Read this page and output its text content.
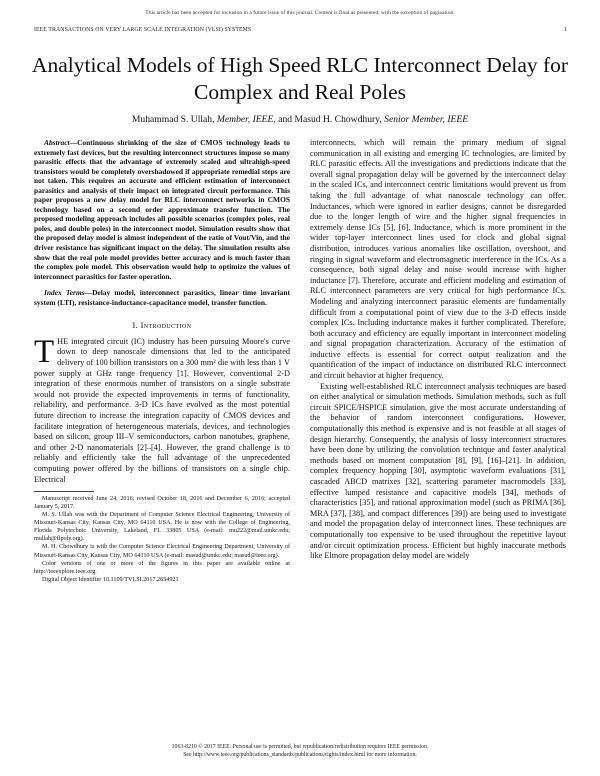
This article has been accepted for inclusion in a future issue of this journal. Content is final as presented, with the exception of pagination.
IEEE TRANSACTIONS ON VERY LARGE SCALE INTEGRATION (VLSI) SYSTEMS	1
Analytical Models of High Speed RLC Interconnect Delay for Complex and Real Poles
Muhammad S. Ullah, Member, IEEE, and Masud H. Chowdhury, Senior Member, IEEE

Abstract—Continuous shrinking of the size of CMOS technology leads to extremely fast devices, but the resulting interconnect structures impose so many parasitic effects that the advantage of extremely scaled and ultrahigh-speed transistors would be completely overshadowed if appropriate remedial steps are not taken. This requires an accurate and efficient estimation of interconnect parasitics and analysis of their impact on integrated circuit performance. This paper proposes a new delay model for RLC interconnect networks in CMOS technology based on a second order approximate transfer function. The proposed modeling approach includes all possible scenarios (complex poles, real poles, and double poles) in the interconnect model. Simulation results show that the proposed delay model is almost independent of the ratio of Vout/Vin, and the driver resistance has significant impact on the delay. The simulation results also show that the real pole model provides better accuracy and is much faster than the complex pole model. This observation would help to optimize the values of interconnect parasitics for faster operation.

Index Terms—Delay model, interconnect parasitics, linear time invariant system (LTI), resistance-inductance-capacitance model, transfer function.

I. Introduction

THE integrated circuit (IC) industry has been pursuing Moore's curve down to deep nanoscale dimensions that led to the anticipated delivery of 100 billion transistors on a 300 mm² die with less than 1 V power supply at GHz range frequency [1]. However, conventional 2-D integration of these enormous number of transistors on a single substrate would not provide the expected improvements in terms of functionality, reliability, and performance. 3-D ICs have evolved as the most potential future direction to increase the integration capacity of CMOS devices and facilitate integration of heterogeneous materials, devices, and technologies based on silicon, group III–V semiconductors, carbon nanotubes, graphene, and other 2-D nanomaterials [2]–[4]. However, the grand challenge is to reliably and efficiently take the full advantage of the unprecedented computing power offered by the billions of transistors on a single chip. Electrical

Manuscript received June 24, 2016; revised October 18, 2016 and December 6, 2016; accepted January 5, 2017.

M. S. Ullah was with the Department of Computer Science Electrical Engineering, University of Missouri-Kansas City, Kansas City, MO 64110 USA. He is now with the College of Engineering, Florida Polytechnic University, Lakeland, FL 33805 USA (e-mail: mu222@mail.umkc.edu; mullah@flpoly.org).

M. H. Chowdhury is with the Computer Science Electrical Engineering Department, University of Missouri-Kansas City, Kansas City, MO 64110 USA (e-mail: masud@umkc.edu; masud@ieee.org).

Color versions of one or more of the figures in this paper are available online at http://ieeexplore.ieee.org.

Digital Object Identifier 10.1109/TVLSI.2017.2654921

interconnects, which will remain the primary medium of signal communication in all existing and emerging IC technologies, are limited by RLC parasitic effects. All the investigations and predictions indicate that the overall signal propagation delay will be governed by the interconnect delay in the scaled ICs, and interconnect centric limitations would prevent us from taking the full advantage of what nanoscale technology can offer. Inductances, which were ignored in earlier designs, cannot be disregarded due to the longer length of wire and the higher signal frequencies in extremely dense ICs [5], [6]. Inductance, which is more prominent in the wider top-layer interconnect lines used for clock and global signal distribution, introduces various anomalies like oscillation, overshoot, and ringing in signal waveform and electromagnetic interference in the ICs. As a consequence, both signal delay and noise would increase with higher inductance [7]. Therefore, accurate and efficient modeling and estimation of RLC interconnect parameters are very critical for high performance ICs. Modeling and analyzing interconnect parasitic elements are fundamentally difficult from a computational point of view due to the 3-D effects inside complex ICs. Including inductance makes it further complicated. Therefore, both accuracy and efficiency are equally important in interconnect modeling and signal propagation characterization. Accuracy of the estimation of inductive effects is essential for correct output realization and the quantification of the impact of inductance on distributed RLC interconnect and circuit behavior at higher frequency.

Existing well-established RLC interconnect analysis techniques are based on either analytical or simulation methods. Simulation methods, such as full circuit SPICE/HSPICE simulation, give the most accurate understanding of the behavior of random interconnect configurations. However, computationally this method is expensive and is not feasible at all stages of design hierarchy. Consequently, the analysis of lossy interconnect structures have been done by utilizing the convolution technique and faster analytical methods based on moment computation [8], [9], [16]–[21]. In addition, complex frequency hopping [30], asymptotic waveform evaluations [31], cascaded ABCD matrixes [32], scattering parameter macromodels [33], effective lumped resistance and capacitive models [34], methods of characteristics [35], and rational approximation model (such as PRIMA [36], MRA [37], [38], and compact differences [39]) are being used to investigate and model the propagation delay of interconnect lines. These techniques are computationally too expensive to be used throughout the repetitive layout and/or circuit optimization process. Efficient but highly inaccurate methods like Elmore propagation delay model are widely

1063-8210 © 2017 IEEE. Personal use is permitted, but republication/redistribution requires IEEE permission.
See http://www.ieee.org/publications_standards/publications/rights/index.html for more information.
